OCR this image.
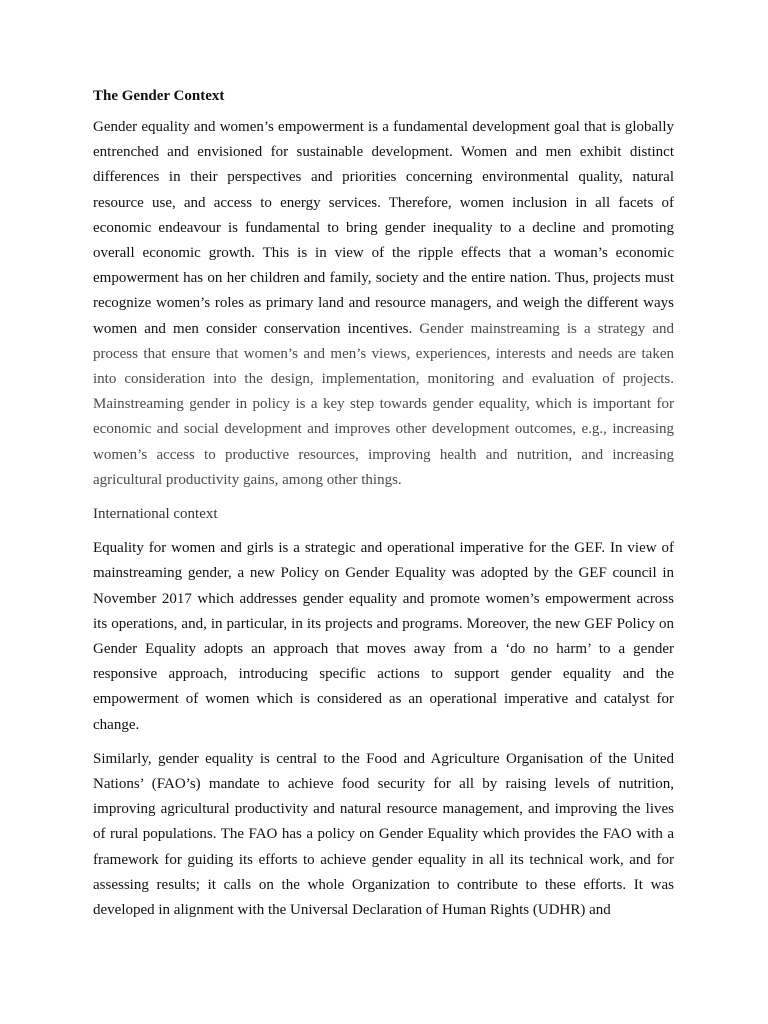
The Gender Context

Gender equality and women’s empowerment is a fundamental development goal that is globally entrenched and envisioned for sustainable development. Women and men exhibit distinct differences in their perspectives and priorities concerning environmental quality, natural resource use, and access to energy services. Therefore, women inclusion in all facets of economic endeavour is fundamental to bring gender inequality to a decline and promoting overall economic growth. This is in view of the ripple effects that a woman’s economic empowerment has on her children and family, society and the entire nation. Thus, projects must recognize women’s roles as primary land and resource managers, and weigh the different ways women and men consider conservation incentives. Gender mainstreaming is a strategy and process that ensure that women’s and men’s views, experiences, interests and needs are taken into consideration into the design, implementation, monitoring and evaluation of projects. Mainstreaming gender in policy is a key step towards gender equality, which is important for economic and social development and improves other development outcomes, e.g., increasing women’s access to productive resources, improving health and nutrition, and increasing agricultural productivity gains, among other things.

International context

Equality for women and girls is a strategic and operational imperative for the GEF. In view of mainstreaming gender, a new Policy on Gender Equality was adopted by the GEF council in November 2017 which addresses gender equality and promote women’s empowerment across its operations, and, in particular, in its projects and programs. Moreover, the new GEF Policy on Gender Equality adopts an approach that moves away from a ‘do no harm’ to a gender responsive approach, introducing specific actions to support gender equality and the empowerment of women which is considered as an operational imperative and catalyst for change.

Similarly, gender equality is central to the Food and Agriculture Organisation of the United Nations’ (FAO’s) mandate to achieve food security for all by raising levels of nutrition, improving agricultural productivity and natural resource management, and improving the lives of rural populations. The FAO has a policy on Gender Equality which provides the FAO with a framework for guiding its efforts to achieve gender equality in all its technical work, and for assessing results; it calls on the whole Organization to contribute to these efforts. It was developed in alignment with the Universal Declaration of Human Rights (UDHR) and
